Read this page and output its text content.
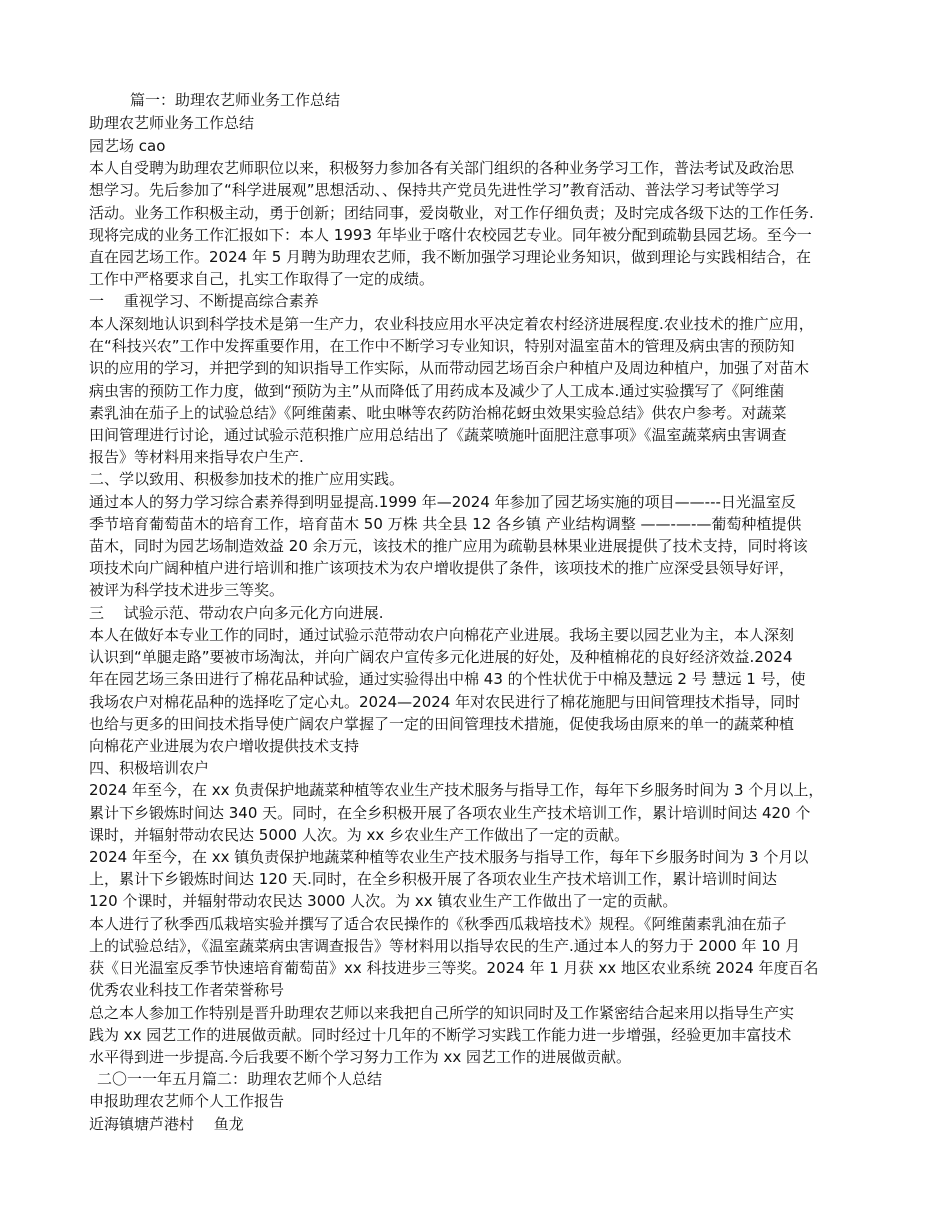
篇一：助理农艺师业务工作总结
助理农艺师业务工作总结
园艺场 cao
本人自受聘为助理农艺师职位以来，积极努力参加各有关部门组织的各种业务学习工作，普法考试及政治思
想学习。先后参加了“科学进展观”思想活动、、保持共产党员先进性学习”教育活动、普法学习考试等学习
活动。业务工作积极主动，勇于创新；团结同事，爱岗敬业，对工作仔细负责；及时完成各级下达的工作任务.
现将完成的业务工作汇报如下：本人 1993 年毕业于喀什农校园艺专业。同年被分配到疏勒县园艺场。至今一
直在园艺场工作。2024 年 5 月聘为助理农艺师，我不断加强学习理论业务知识，做到理论与实践相结合，在
工作中严格要求自己，扎实工作取得了一定的成绩。
一　 重视学习、不断提高综合素养
本人深刻地认识到科学技术是第一生产力，农业科技应用水平决定着农村经济进展程度.农业技术的推广应用，
在“科技兴农”工作中发挥重要作用，在工作中不断学习专业知识，特别对温室苗木的管理及病虫害的预防知
识的应用的学习，并把学到的知识指导工作实际，从而带动园艺场百余户种植户及周边种植户，加强了对苗木
病虫害的预防工作力度，做到“预防为主”从而降低了用药成本及减少了人工成本.通过实验撰写了《阿维菌
素乳油在茄子上的试验总结》《阿维菌素、吡虫啉等农药防治棉花蚜虫效果实验总结》供农户参考。对蔬菜
田间管理进行讨论，通过试验示范积推广应用总结出了《蔬菜喷施叶面肥注意事项》《温室蔬菜病虫害调查
报告》等材料用来指导农户生产.
二、学以致用、积极参加技术的推广应用实践。
通过本人的努力学习综合素养得到明显提高.1999 年—2024 年参加了园艺场实施的项目——---日光温室反
季节培育葡萄苗木的培育工作，培育苗木 50 万株 共全县 12 各乡镇 产业结构调整 ——-—-—葡萄种植提供
苗木，同时为园艺场制造效益 20 余万元，该技术的推广应用为疏勒县林果业进展提供了技术支持，同时将该
项技术向广阔种植户进行培训和推广该项技术为农户增收提供了条件，该项技术的推广应深受县领导好评，
被评为科学技术进步三等奖。
三　 试验示范、带动农户向多元化方向进展.
本人在做好本专业工作的同时，通过试验示范带动农户向棉花产业进展。我场主要以园艺业为主，本人深刻
认识到“单腿走路”要被市场淘汰，并向广阔农户宣传多元化进展的好处，及种植棉花的良好经济效益.2024
年在园艺场三条田进行了棉花品种试验，通过实验得出中棉 43 的个性状优于中棉及慧远 2 号 慧远 1 号，使
我场农户对棉花品种的选择吃了定心丸。2024—2024 年对农民进行了棉花施肥与田间管理技术指导，同时
也给与更多的田间技术指导使广阔农户掌握了一定的田间管理技术措施，促使我场由原来的单一的蔬菜种植
向棉花产业进展为农户增收提供技术支持
四、积极培训农户
2024 年至今，在 xx 负责保护地蔬菜种植等农业生产技术服务与指导工作，每年下乡服务时间为 3 个月以上，
累计下乡锻炼时间达 340 天。同时，在全乡积极开展了各项农业生产技术培训工作，累计培训时间达 420 个
课时，并辐射带动农民达 5000 人次。为 xx 乡农业生产工作做出了一定的贡献。
2024 年至今，在 xx 镇负责保护地蔬菜种植等农业生产技术服务与指导工作，每年下乡服务时间为 3 个月以
上，累计下乡锻炼时间达 120 天.同时，在全乡积极开展了各项农业生产技术培训工作，累计培训时间达
120 个课时，并辐射带动农民达 3000 人次。为 xx 镇农业生产工作做出了一定的贡献。
本人进行了秋季西瓜栽培实验并撰写了适合农民操作的《秋季西瓜栽培技术》规程。《阿维菌素乳油在茄子
上的试验总结》，《温室蔬菜病虫害调查报告》等材料用以指导农民的生产.通过本人的努力于 2000 年 10 月
获《日光温室反季节快速培育葡萄苗》xx 科技进步三等奖。2024 年 1 月获 xx 地区农业系统 2024 年度百名
优秀农业科技工作者荣誉称号
总之本人参加工作特别是晋升助理农艺师以来我把自己所学的知识同时及工作紧密结合起来用以指导生产实
践为 xx 园艺工作的进展做贡献。同时经过十几年的不断学习实践工作能力进一步增强，经验更加丰富技术
水平得到进一步提高.今后我要不断个学习努力工作为 xx 园艺工作的进展做贡献。
二〇一一年五月篇二：助理农艺师个人总结
申报助理农艺师个人工作报告
近海镇塘芦港村　 鱼龙
